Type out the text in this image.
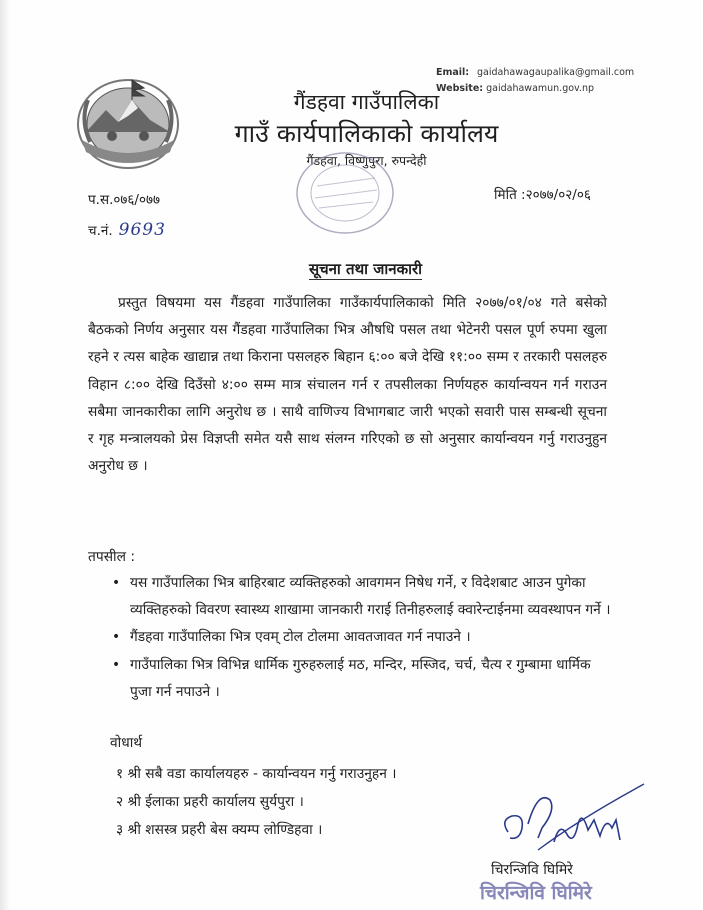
Email: gaidahawagaupalika@gmail.com
Website: gaidahawamun.gov.np
गैंडहवा गाउँपालिका
गाउँ कार्यपालिकाको कार्यालय
गैंडहवा, विष्णुपुरा, रुपन्देही
प.स.०७६/०७७
च.नं. 9693
मिति :२०७७/०२/०६
सूचना तथा जानकारी
प्रस्तुत विषयमा यस गैंडहवा गाउँपालिका गाउँकार्यपालिकाको मिति २०७७/०१/०४ गते बसेको बैठकको निर्णय अनुसार यस गैंडहवा गाउँपालिका भित्र औषधि पसल तथा भेटेनरी पसल पूर्ण रुपमा खुला रहने र त्यस बाहेक खाद्यान्न तथा किराना पसलहरु बिहान ६:०० बजे देखि ११:०० सम्म र तरकारी पसलहरु विहान ८:०० देखि दिउँसो ४:०० सम्म मात्र संचालन गर्न र तपसीलका निर्णयहरु कार्यान्वयन गर्न गराउन सबैमा जानकारीका लागि अनुरोध छ । साथै वाणिज्य विभागबाट जारी भएको सवारी पास सम्बन्धी सूचना र गृह मन्त्रालयको प्रेस विज्ञप्ती समेत यसै साथ संलग्न गरिएको छ सो अनुसार कार्यान्वयन गर्नु गराउनुहुन अनुरोध छ ।
तपसील :
• यस गाउँपालिका भित्र बाहिरबाट व्यक्तिहरुको आवगमन निषेध गर्ने, र विदेशबाट आउन पुगेका व्यक्तिहरुको विवरण स्वास्थ्य शाखामा जानकारी गराई तिनीहरुलाई क्वारेन्टाईनमा व्यवस्थापन गर्ने ।
• गैंडहवा गाउँपालिका भित्र एवम् टोल टोलमा आवतजावत गर्न नपाउने ।
• गाउँपालिका भित्र विभिन्न धार्मिक गुरुहरुलाई मठ, मन्दिर, मस्जिद, चर्च, चैत्य र गुम्बामा धार्मिक पुजा गर्न नपाउने ।
वोधार्थ
१ श्री सबै वडा कार्यालयहरु - कार्यान्वयन गर्नु गराउनुहन ।
२ श्री ईलाका प्रहरी कार्यालय सुर्यपुरा ।
३ श्री शसस्त्र प्रहरी बेस क्यम्प लोण्डिहवा ।
चिरन्जिवि घिमिरे
चिरन्जिवि घिमिरे
